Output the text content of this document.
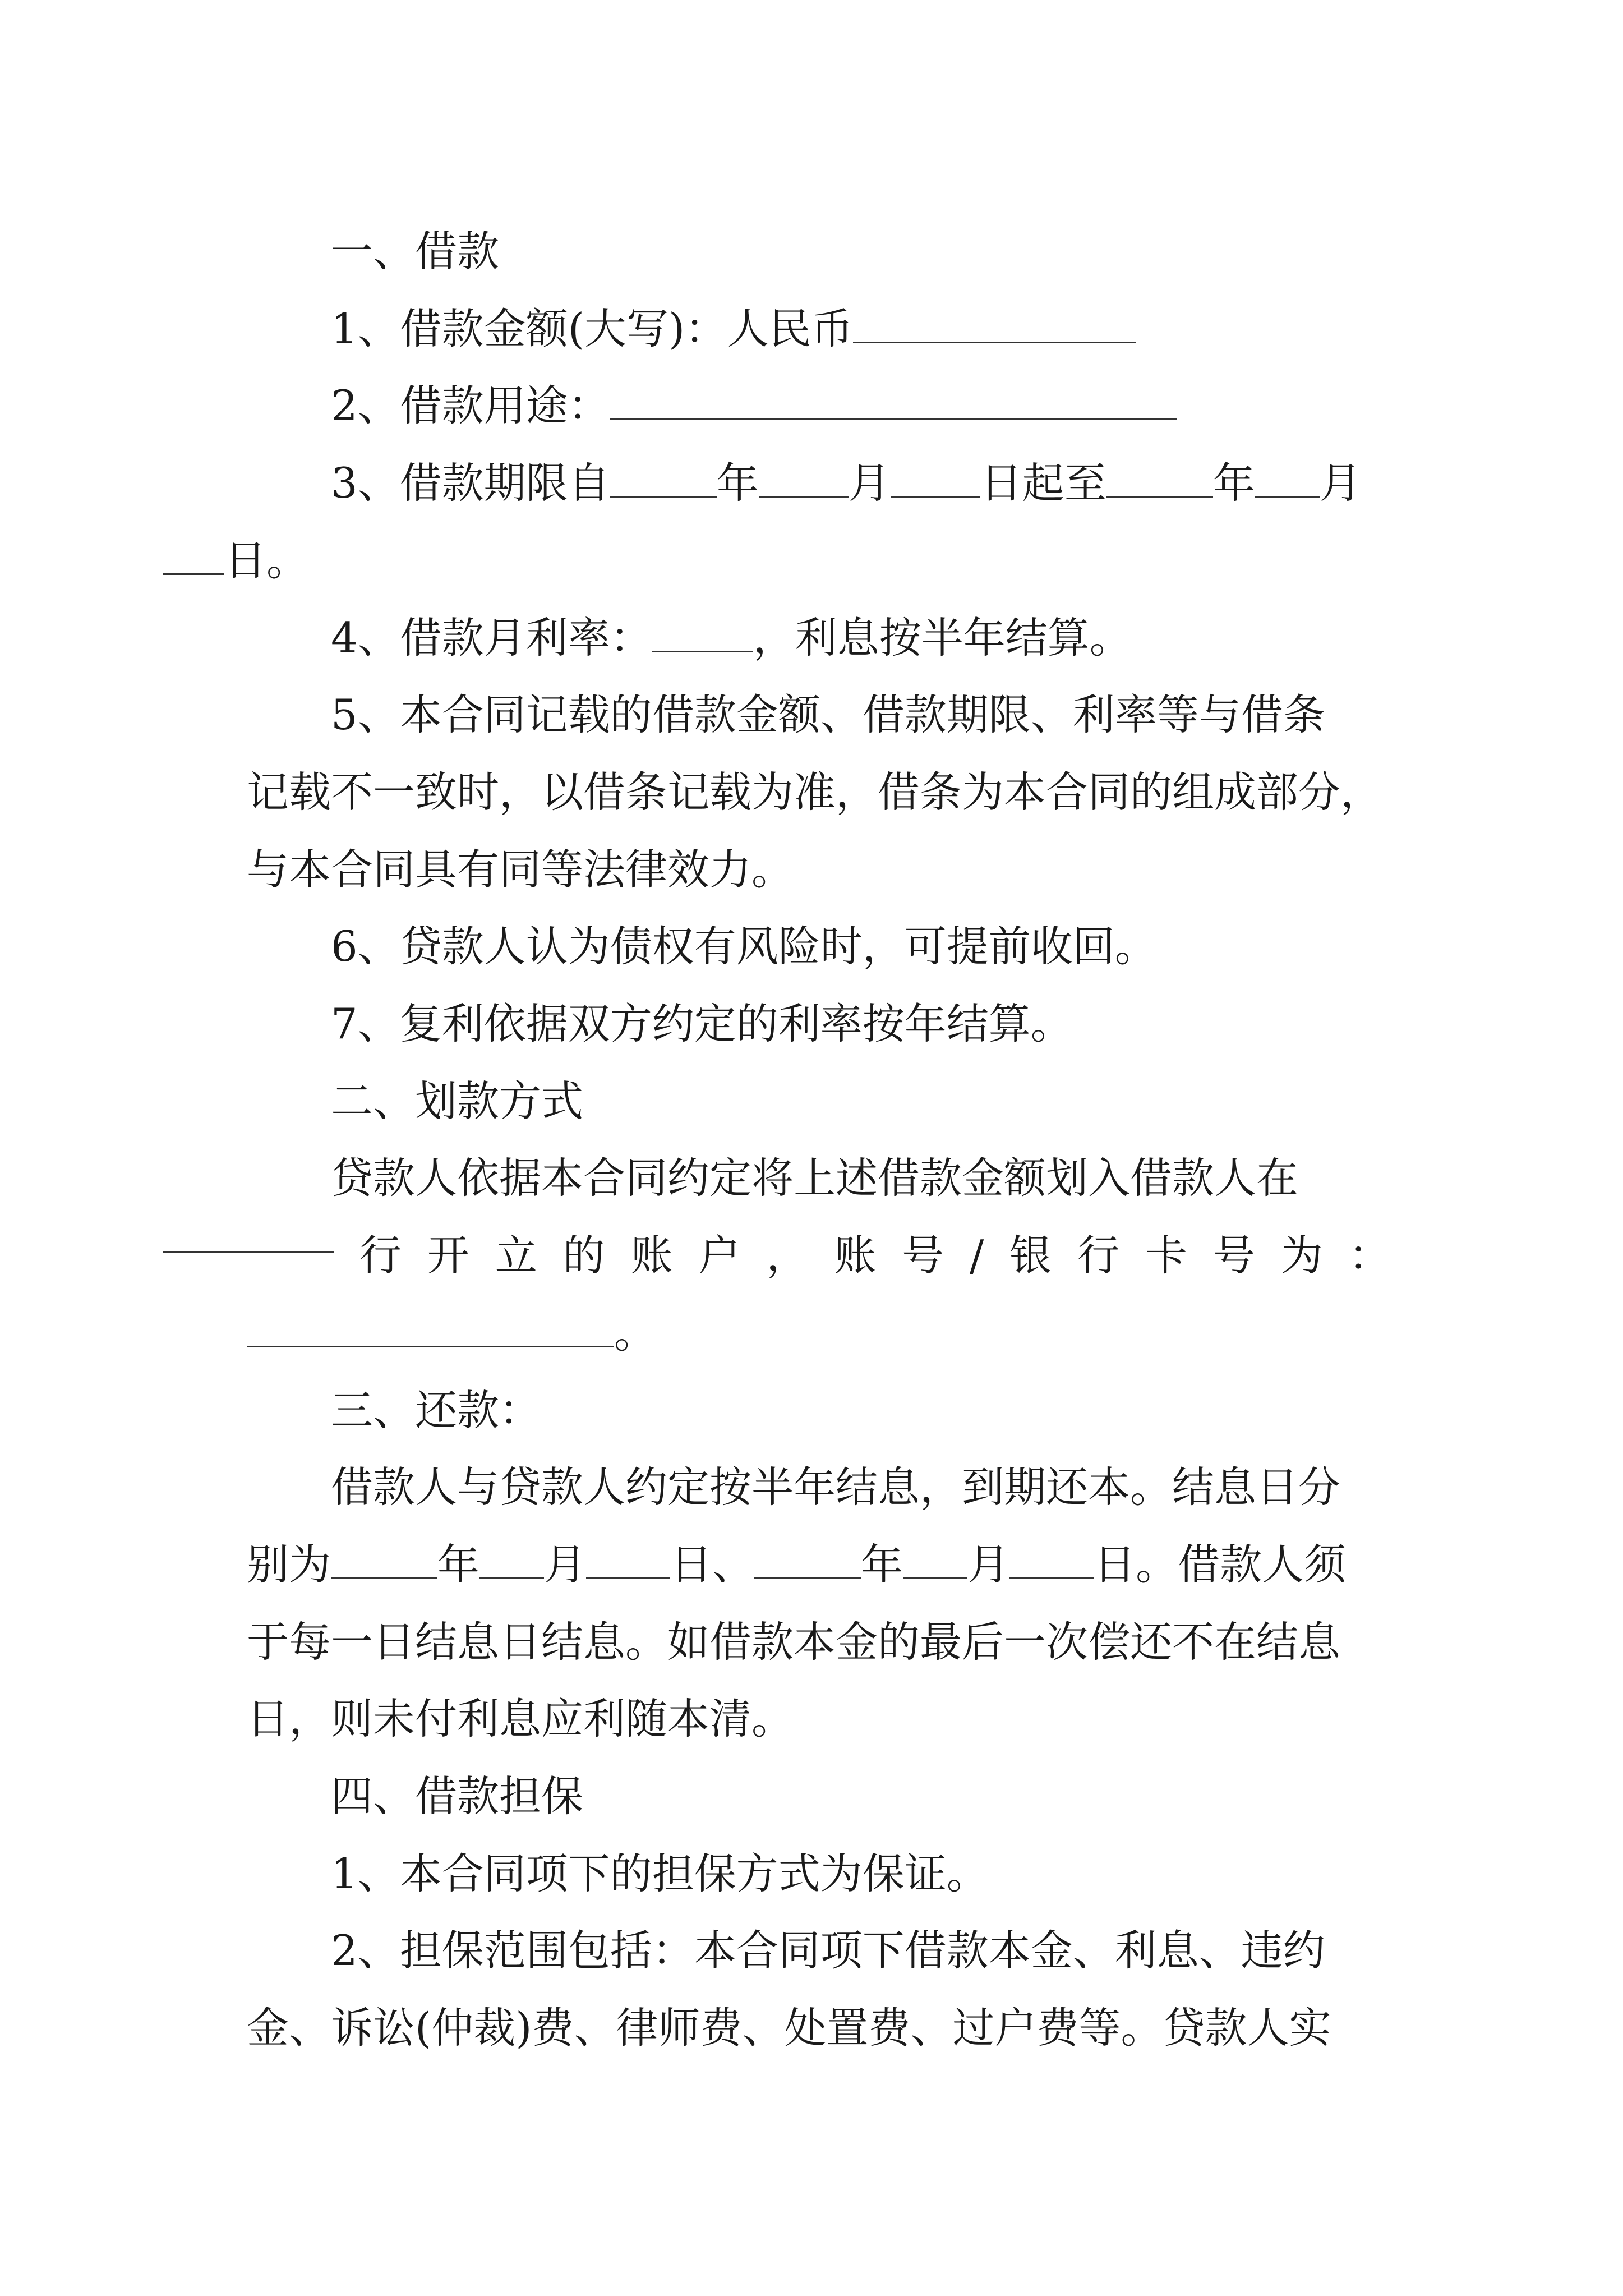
一、借款

1、借款金额(大写)：人民币

2、借款用途：

3、借款期限自	年 月 日起至	年 月
日。

4、借款月利率： ，利息按半年结算。

5、本合同记载的借款金额、借款期限、利率等与借条
记载不一致时，以借条记载为准，借条为本合同的组成部分，
与本合同具有同等法律效力。

6、贷款人认为债权有风险时，可提前收回。

7、复利依据双方约定的利率按年结算。

二、划款方式

贷款人依据本合同约定将上述借款金额划入借款人在
行 开 立 的 账 户 ， 账 号 / 银 行 卡 号 为 ：
。

三、还款：

借款人与贷款人约定按半年结息，到期还本。结息日分
别为	年 月 日、	年 月 日。借款人须
于每一日结息日结息。如借款本金的最后一次偿还不在结息
日，则未付利息应利随本清。

四、借款担保

1、本合同项下的担保方式为保证。

2、担保范围包括：本合同项下借款本金、利息、违约
金、诉讼(仲裁)费、律师费、处置费、过户费等。贷款人实
